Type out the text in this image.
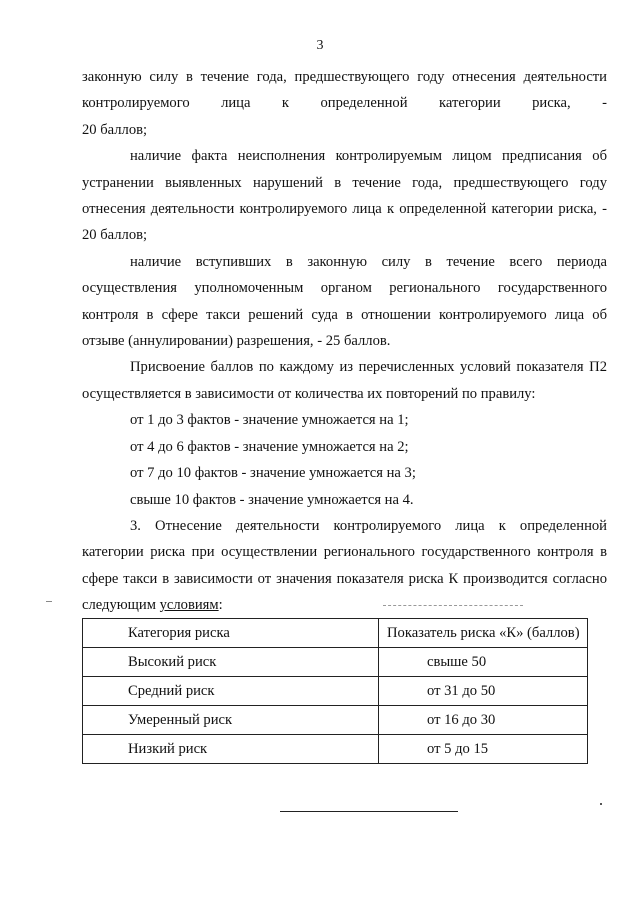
3

законную силу в течение года, предшествующего году отнесения деятельности

контролируемого лица к определенной категории риска, -

20 баллов;

наличие факта неисполнения контролируемым лицом предписания об устранении выявленных нарушений в течение года, предшествующего году отнесения деятельности контролируемого лица к определенной категории риска, - 20 баллов;

наличие вступивших в законную силу в течение всего периода осуществления уполномоченным органом регионального государственного контроля в сфере такси решений суда в отношении контролируемого лица об отзыве (аннулировании) разрешения, - 25 баллов.

Присвоение баллов по каждому из перечисленных условий показателя П2 осуществляется в зависимости от количества их повторений по правилу:

от 1 до 3 фактов - значение умножается на 1;

от 4 до 6 фактов - значение умножается на 2;

от 7 до 10 фактов - значение умножается на 3;

свыше 10 фактов - значение умножается на 4.

3. Отнесение деятельности контролируемого лица к определенной категории риска при осуществлении регионального государственного контроля в сфере такси в зависимости от значения показателя риска К производится согласно следующим условиям:

Категория риска	Показатель риска «К» (баллов)
Высокий риск	свыше 50
Средний риск	от 31 до 50
Умеренный риск	от 16 до 30
Низкий риск	от 5 до 15
